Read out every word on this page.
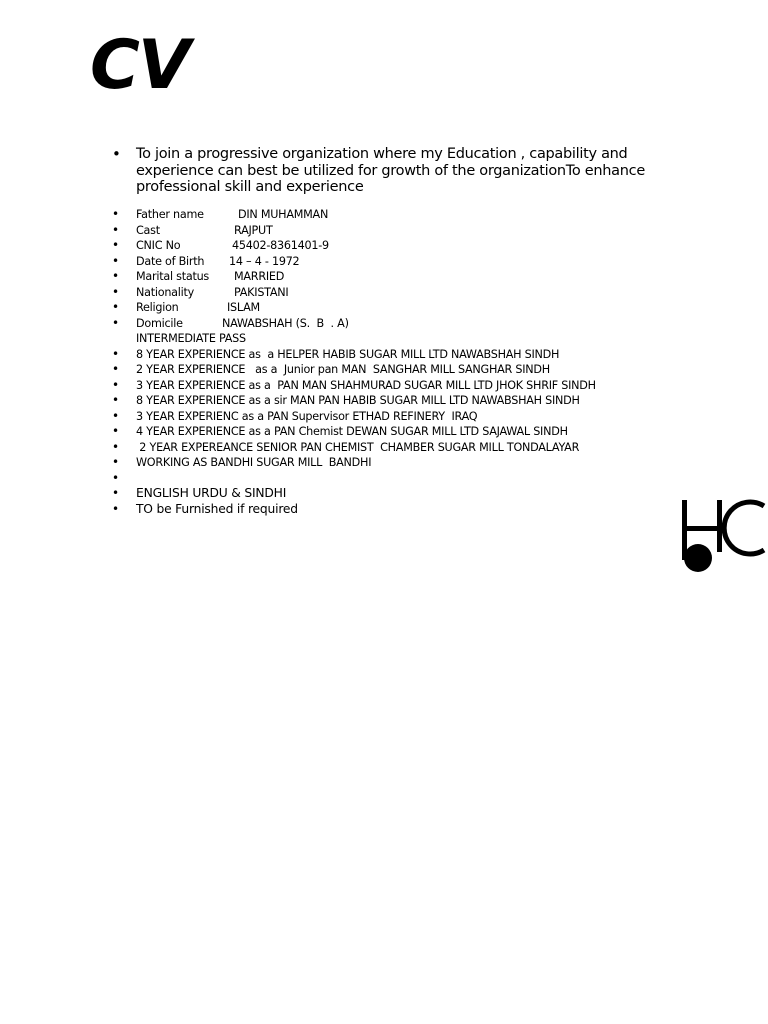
CV
• To join a progressive organization where my Education , capability and experience can best be utilized for growth of the organizationTo enhance professional skill and experience
• Father name	DIN MUHAMMAN
• Cast	RAJPUT
• CNIC No	45402-8361401-9
• Date of Birth 14 – 4 - 1972
• Marital status MARRIED
• Nationality	PAKISTANI
• Religion	ISLAM
• Domicile	NAWABSHAH (S.  B  . A)
INTERMEDIATE PASS
• 8 YEAR EXPERIENCE as  a HELPER HABIB SUGAR MILL LTD NAWABSHAH SINDH
• 2 YEAR EXPERIENCE   as a  Junior pan MAN  SANGHAR MILL SANGHAR SINDH
• 3 YEAR EXPERIENCE as a  PAN MAN SHAHMURAD SUGAR MILL LTD JHOK SHRIF SINDH
• 8 YEAR EXPERIENCE as a sir MAN PAN HABIB SUGAR MILL LTD NAWABSHAH SINDH
• 3 YEAR EXPERIENC as a PAN Supervisor ETHAD REFINERY  IRAQ
• 4 YEAR EXPERIENCE as a PAN Chemist DEWAN SUGAR MILL LTD SAJAWAL SINDH
•  2 YEAR EXPEREANCE SENIOR PAN CHEMIST  CHAMBER SUGAR MILL TONDALAYAR
• WORKING AS BANDHI SUGAR MILL  BANDHI
•
• ENGLISH URDU & SINDHI
• TO be Furnished if required
